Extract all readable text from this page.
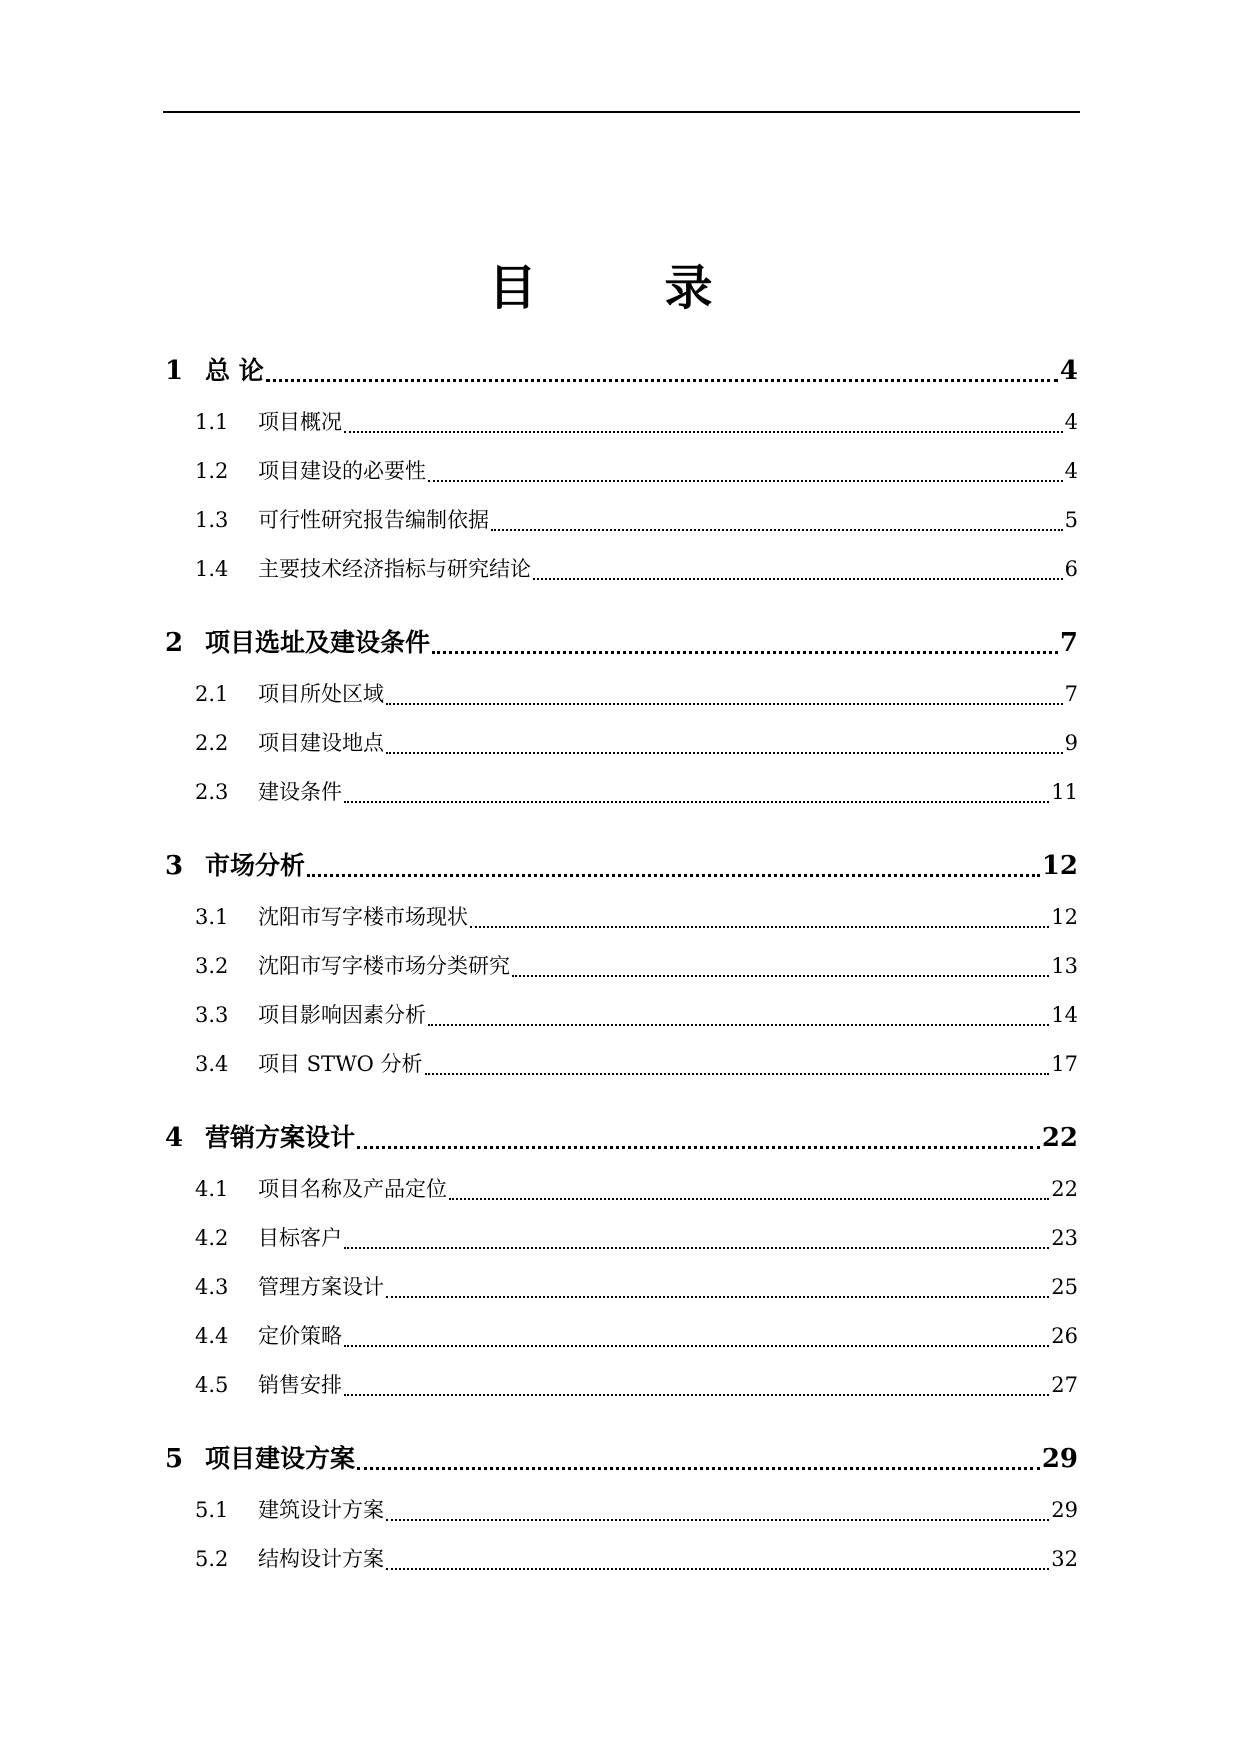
目　录
1 总 论	4
1.1	项目概况	4
1.2	项目建设的必要性	4
1.3	可行性研究报告编制依据	5
1.4	主要技术经济指标与研究结论	6
2 项目选址及建设条件	7
2.1	项目所处区域	7
2.2	项目建设地点	9
2.3	建设条件	11
3 市场分析	12
3.1	沈阳市写字楼市场现状	12
3.2	沈阳市写字楼市场分类研究	13
3.3	项目影响因素分析	14
3.4	项目 STWO 分析	17
4 营销方案设计	22
4.1	项目名称及产品定位	22
4.2	目标客户	23
4.3	管理方案设计	25
4.4	定价策略	26
4.5	销售安排	27
5 项目建设方案	29
5.1	建筑设计方案	29
5.2	结构设计方案	32
